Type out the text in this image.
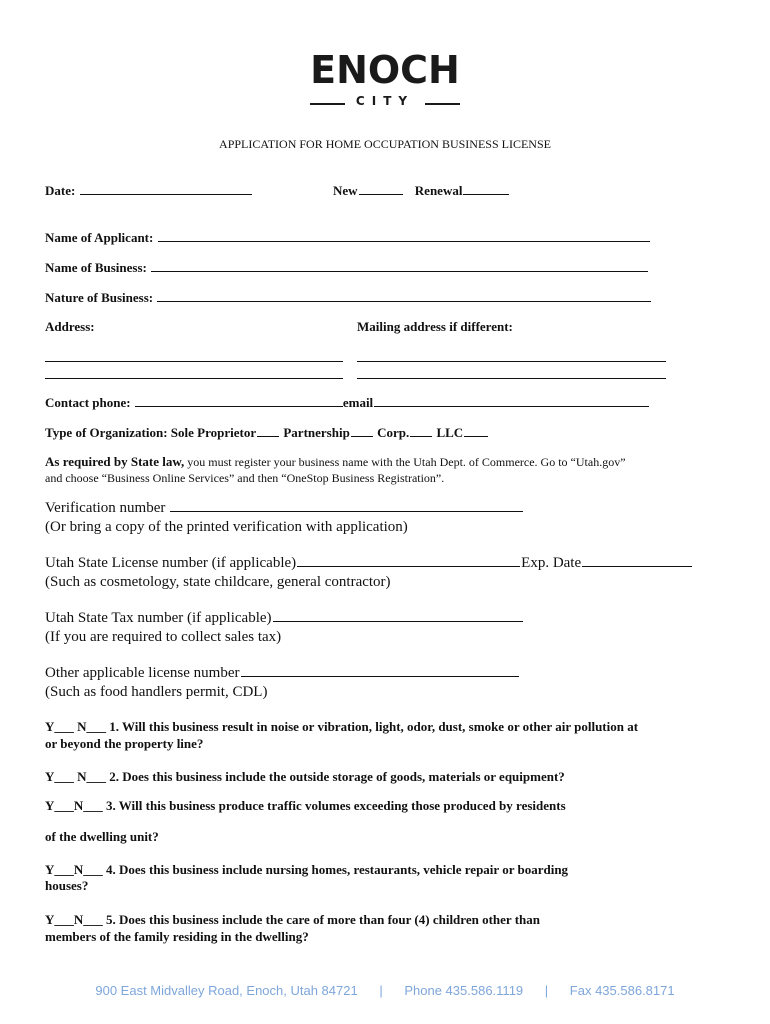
ENOCH
CITY
APPLICATION FOR HOME OCCUPATION BUSINESS LICENSE
Date:	New	Renewal
Name of Applicant:
Name of Business:
Nature of Business:
Address:	Mailing address if different:
Contact phone:	email
Type of Organization: Sole Proprietor Partnership Corp. LLC
As required by State law, you must register your business name with the Utah Dept. of Commerce. Go to “Utah.gov”
and choose “Business Online Services” and then “OneStop Business Registration”.
Verification number
(Or bring a copy of the printed verification with application)
Utah State License number (if applicable)	Exp. Date
(Such as cosmetology, state childcare, general contractor)
Utah State Tax number (if applicable)
(If you are required to collect sales tax)
Other applicable license number
(Such as food handlers permit, CDL)
Y___ N___ 1. Will this business result in noise or vibration, light, odor, dust, smoke or other air pollution at
or beyond the property line?
Y___ N___ 2. Does this business include the outside storage of goods, materials or equipment?
Y___N___ 3. Will this business produce traffic volumes exceeding those produced by residents
of the dwelling unit?
Y___N___ 4. Does this business include nursing homes, restaurants, vehicle repair or boarding
houses?
Y___N___ 5. Does this business include the care of more than four (4) children other than
members of the family residing in the dwelling?
900 East Midvalley Road, Enoch, Utah 84721 | Phone 435.586.1119 | Fax 435.586.8171
